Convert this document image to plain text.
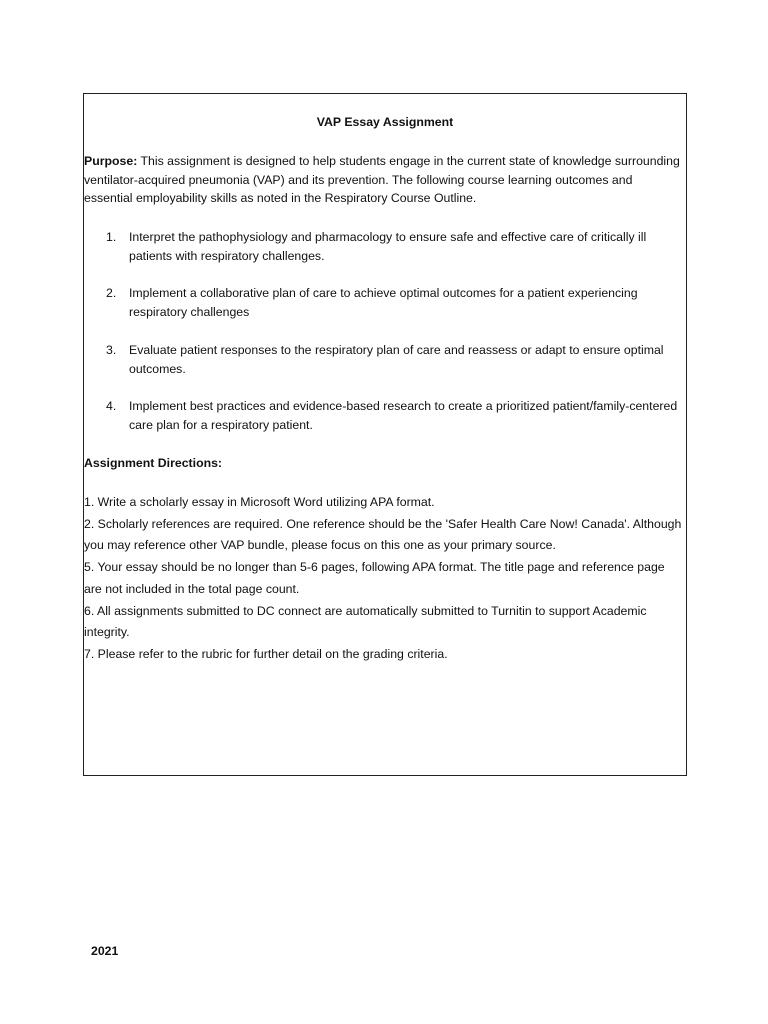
VAP Essay Assignment

Purpose: This assignment is designed to help students engage in the current state of knowledge surrounding ventilator-acquired pneumonia (VAP) and its prevention. The following course learning outcomes and essential employability skills as noted in the Respiratory Course Outline.

1. Interpret the pathophysiology and pharmacology to ensure safe and effective care of critically ill patients with respiratory challenges.
2. Implement a collaborative plan of care to achieve optimal outcomes for a patient experiencing respiratory challenges
3. Evaluate patient responses to the respiratory plan of care and reassess or adapt to ensure optimal outcomes.
4. Implement best practices and evidence-based research to create a prioritized patient/family-centered care plan for a respiratory patient.
Assignment Directions:
1. Write a scholarly essay in Microsoft Word utilizing APA format.
2. Scholarly references are required. One reference should be the 'Safer Health Care Now! Canada'. Although you may reference other VAP bundle, please focus on this one as your primary source.
5. Your essay should be no longer than 5-6 pages, following APA format. The title page and reference page are not included in the total page count.
6. All assignments submitted to DC connect are automatically submitted to Turnitin to support Academic integrity.
7. Please refer to the rubric for further detail on the grading criteria.
2021
